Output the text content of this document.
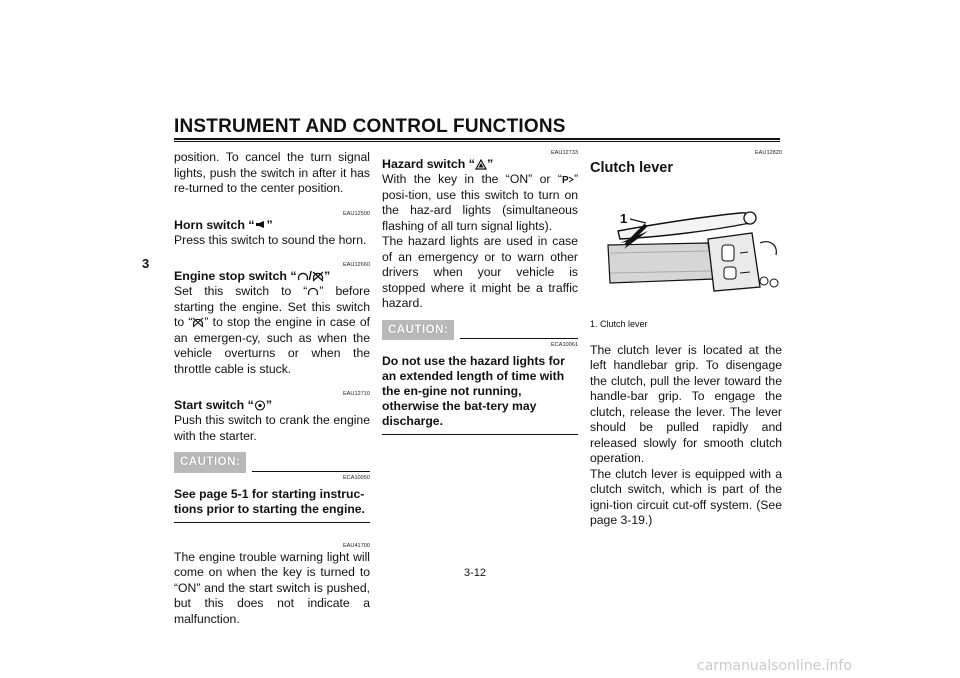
INSTRUMENT AND CONTROL FUNCTIONS
3

position. To cancel the turn signal lights, push the switch in after it has re-turned to the center position.

EAU12500
Horn switch “ ”

Press this switch to sound the horn.

EAU12660
Engine stop switch “ / ”

Set this switch to “ ” before starting the engine. Set this switch to “ ” to stop the engine in case of an emergen-cy, such as when the vehicle overturns or when the throttle cable is stuck.

EAU12710
Start switch “ ”

Push this switch to crank the engine with the starter.

CAUTION:
ECA10050
See page 5-1 for starting instruc-tions prior to starting the engine.
EAU41700

The engine trouble warning light will come on when the key is turned to “ON” and the start switch is pushed, but this does not indicate a malfunction.

EAU12733
Hazard switch “ ”

With the key in the “ON” or “ P ” posi-tion, use this switch to turn on the haz-ard lights (simultaneous flashing of all turn signal lights).

The hazard lights are used in case of an emergency or to warn other drivers when your vehicle is stopped where it might be a traffic hazard.

CAUTION:
ECA10061
Do not use the hazard lights for an extended length of time with the en-gine not running, otherwise the bat-tery may discharge.
EAU12820
Clutch lever
1
1. Clutch lever

The clutch lever is located at the left handlebar grip. To disengage the clutch, pull the lever toward the handle-bar grip. To engage the clutch, release the lever. The lever should be pulled rapidly and released slowly for smooth clutch operation.

The clutch lever is equipped with a clutch switch, which is part of the igni-tion circuit cut-off system. (See page 3-19.)

3-12
carmanualsonline.info
